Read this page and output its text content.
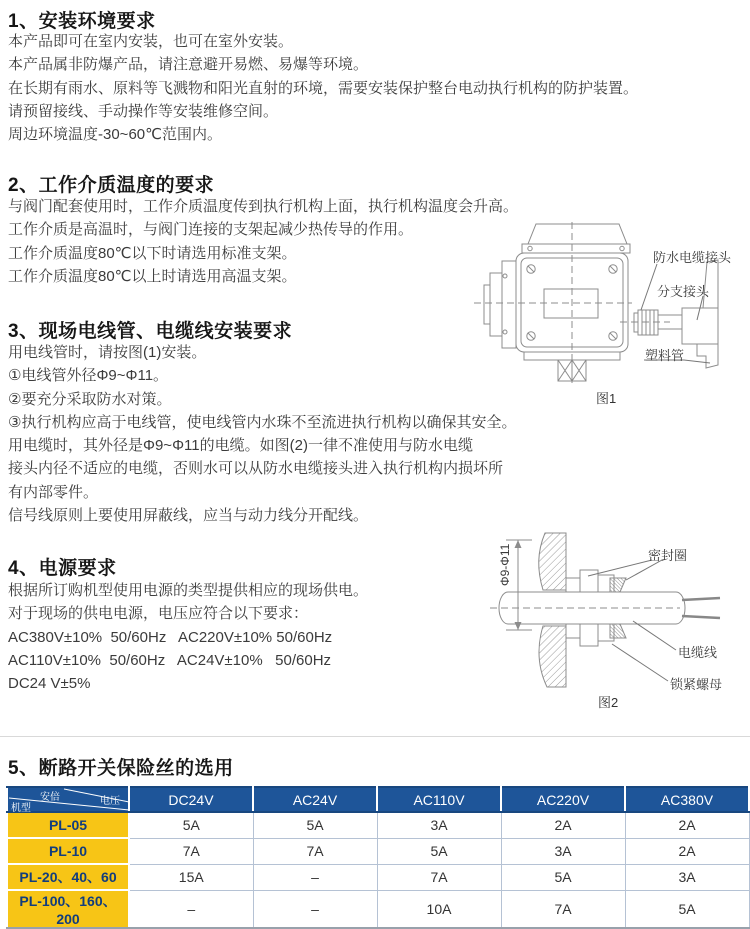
1、安装环境要求
本产品即可在室内安装，也可在室外安装。
本产品属非防爆产品，请注意避开易燃、易爆等环境。
在长期有雨水、原料等飞溅物和阳光直射的环境，需要安装保护整台电动执行机构的防护装置。
请预留接线、手动操作等安装维修空间。
周边环境温度-30~60℃范围内。
2、工作介质温度的要求
与阀门配套使用时，工作介质温度传到执行机构上面，执行机构温度会升高。
工作介质是高温时，与阀门连接的支架起减少热传导的作用。
工作介质温度80℃以下时请选用标准支架。
工作介质温度80℃以上时请选用高温支架。
3、现场电线管、电缆线安装要求
用电线管时，请按图(1)安装。
①电线管外径Φ9~Φ11。
②要充分采取防水对策。
③执行机构应高于电线管，使电线管内水珠不至流进执行机构以确保其安全。
用电缆时，其外径是Φ9~Φ11的电缆。如图(2)一律不准使用与防水电缆
接头内径不适应的电缆，否则水可以从防水电缆接头进入执行机构内损坏所
有内部零件。
信号线原则上要使用屏蔽线，应当与动力线分开配线。
防水电缆接头
分支接头
塑料管
图1
4、电源要求
根据所订购机型使用电源的类型提供相应的现场供电。
对于现场的供电电源，电压应符合以下要求：
AC380V±10%  50/60Hz   AC220V±10% 50/60Hz
AC110V±10%  50/60Hz   AC24V±10%   50/60Hz
DC24 V±5%
Φ9-Φ11	密封圈
电缆线
锁紧螺母
图2
5、断路开关保险丝的选用
安倍 电压
机型	DC24V	AC24V	AC110V	AC220V	AC380V
PL-05	5A	5A	3A	2A	2A
PL-10	7A	7A	5A	3A	2A
PL-20、40、60	15A	–	7A	5A	3A
PL-100、160、200	–	–	10A	7A	5A
